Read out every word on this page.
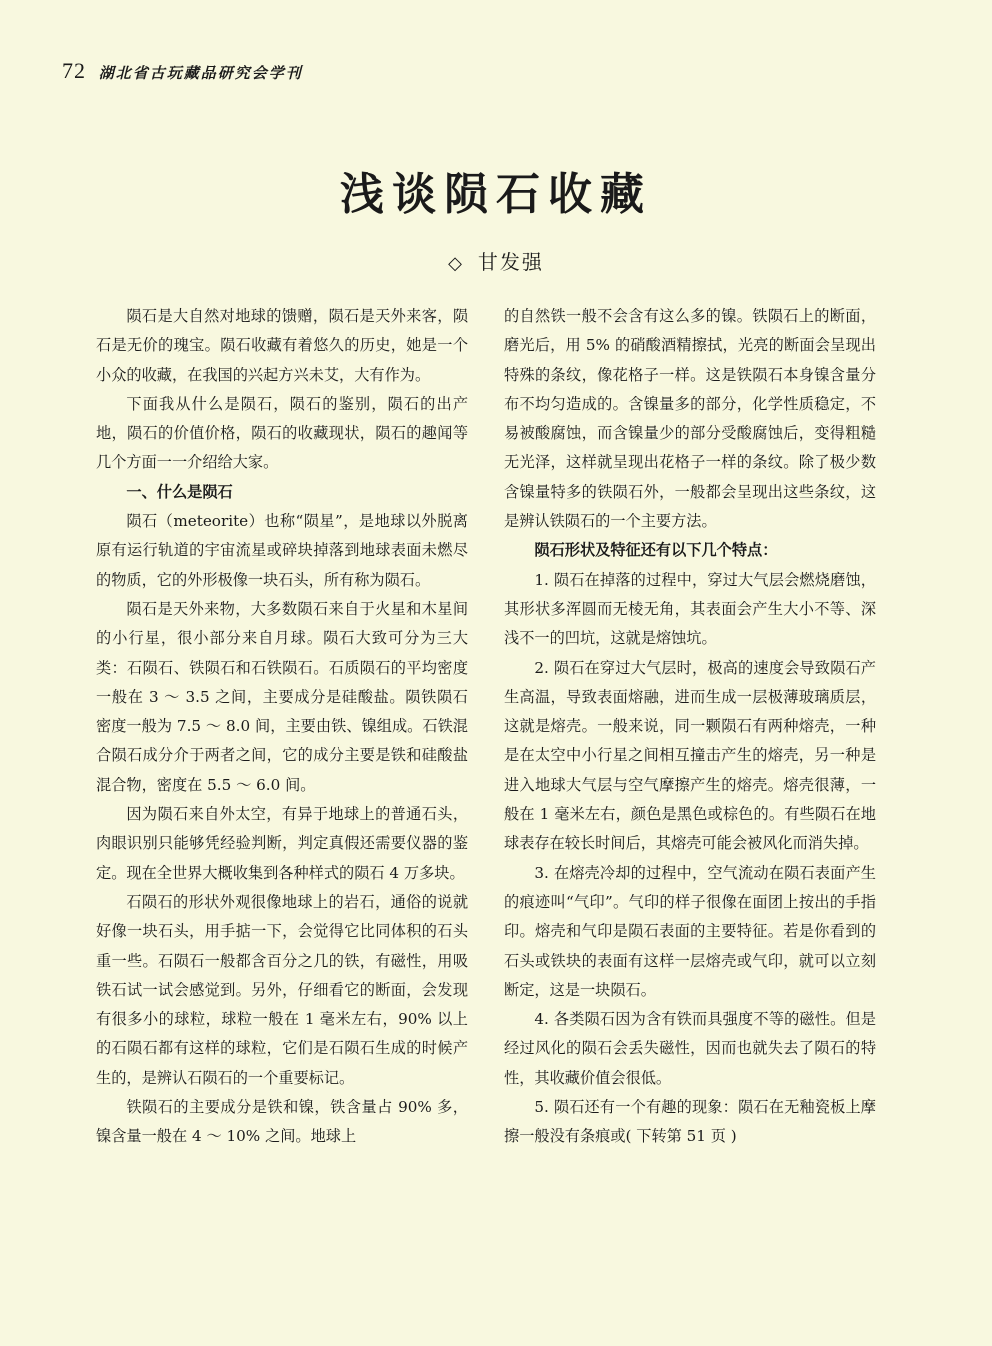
72 湖北省古玩藏品研究会学刊
浅谈陨石收藏
◇ 甘发强

陨石是大自然对地球的馈赠，陨石是天外来客，陨石是无价的瑰宝。陨石收藏有着悠久的历史，她是一个小众的收藏，在我国的兴起方兴未艾，大有作为。

下面我从什么是陨石，陨石的鉴别，陨石的出产地，陨石的价值价格，陨石的收藏现状，陨石的趣闻等几个方面一一介绍给大家。

一、什么是陨石

陨石（meteorite）也称“陨星”，是地球以外脱离原有运行轨道的宇宙流星或碎块掉落到地球表面未燃尽的物质，它的外形极像一块石头，所有称为陨石。

陨石是天外来物，大多数陨石来自于火星和木星间的小行星，很小部分来自月球。陨石大致可分为三大类：石陨石、铁陨石和石铁陨石。石质陨石的平均密度一般在 3 ～ 3.5 之间，主要成分是硅酸盐。陨铁陨石密度一般为 7.5 ～ 8.0 间，主要由铁、镍组成。石铁混合陨石成分介于两者之间，它的成分主要是铁和硅酸盐混合物，密度在 5.5 ～ 6.0 间。

因为陨石来自外太空，有异于地球上的普通石头，肉眼识别只能够凭经验判断，判定真假还需要仪器的鉴定。现在全世界大概收集到各种样式的陨石 4 万多块。

石陨石的形状外观很像地球上的岩石，通俗的说就好像一块石头，用手掂一下，会觉得它比同体积的石头重一些。石陨石一般都含百分之几的铁，有磁性，用吸铁石试一试会感觉到。另外，仔细看它的断面，会发现有很多小的球粒，球粒一般在 1 毫米左右，90% 以上的石陨石都有这样的球粒，它们是石陨石生成的时候产生的，是辨认石陨石的一个重要标记。

铁陨石的主要成分是铁和镍，铁含量占 90% 多，镍含量一般在 4 ～ 10% 之间。地球上

的自然铁一般不会含有这么多的镍。铁陨石上的断面，磨光后，用 5% 的硝酸酒精擦拭，光亮的断面会呈现出特殊的条纹，像花格子一样。这是铁陨石本身镍含量分布不均匀造成的。含镍量多的部分，化学性质稳定，不易被酸腐蚀，而含镍量少的部分受酸腐蚀后，变得粗糙无光泽，这样就呈现出花格子一样的条纹。除了极少数含镍量特多的铁陨石外，一般都会呈现出这些条纹，这是辨认铁陨石的一个主要方法。

陨石形状及特征还有以下几个特点：

1. 陨石在掉落的过程中，穿过大气层会燃烧磨蚀，其形状多浑圆而无棱无角，其表面会产生大小不等、深浅不一的凹坑，这就是熔蚀坑。

2. 陨石在穿过大气层时，极高的速度会导致陨石产生高温，导致表面熔融，进而生成一层极薄玻璃质层，这就是熔壳。一般来说，同一颗陨石有两种熔壳，一种是在太空中小行星之间相互撞击产生的熔壳，另一种是进入地球大气层与空气摩擦产生的熔壳。熔壳很薄，一般在 1 毫米左右，颜色是黑色或棕色的。有些陨石在地球表存在较长时间后，其熔壳可能会被风化而消失掉。

3. 在熔壳冷却的过程中，空气流动在陨石表面产生的痕迹叫“气印”。气印的样子很像在面团上按出的手指印。熔壳和气印是陨石表面的主要特征。若是你看到的石头或铁块的表面有这样一层熔壳或气印，就可以立刻断定，这是一块陨石。

4. 各类陨石因为含有铁而具强度不等的磁性。但是经过风化的陨石会丢失磁性，因而也就失去了陨石的特性，其收藏价值会很低。

5. 陨石还有一个有趣的现象：陨石在无釉瓷板上摩擦一般没有条痕或( 下转第 51 页 )
